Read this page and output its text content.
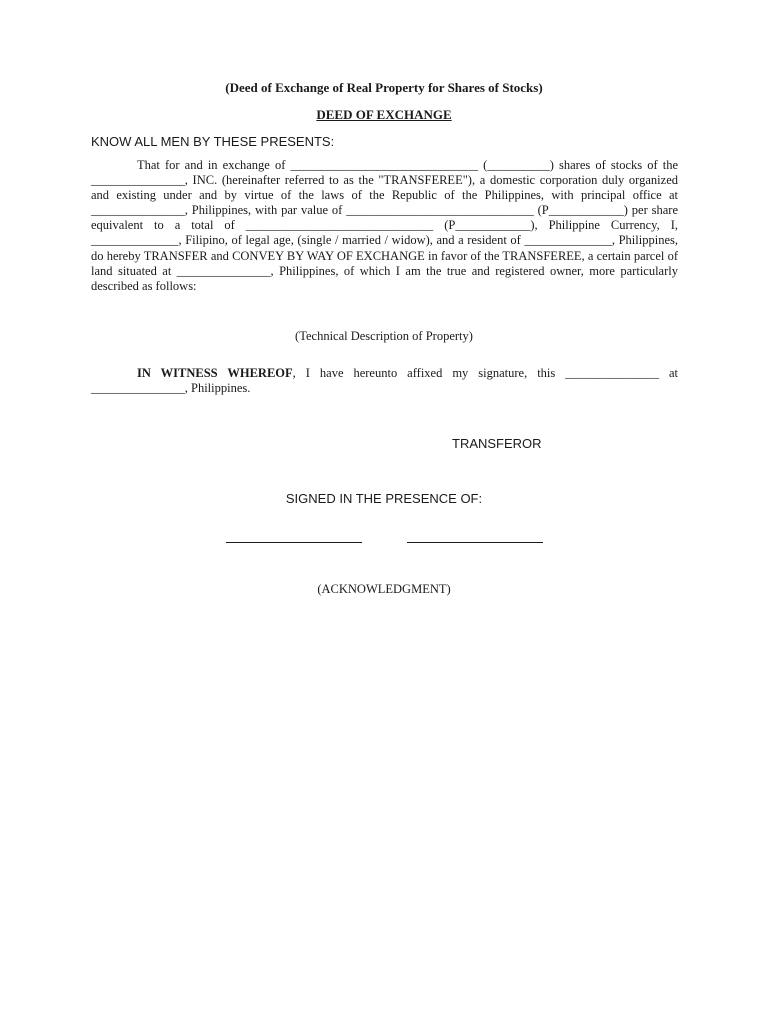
(Deed of Exchange of Real Property for Shares of Stocks)

DEED OF EXCHANGE

KNOW ALL MEN BY THESE PRESENTS:

That for and in exchange of ______________________________ (__________) shares of stocks of the _______________, INC. (hereinafter referred to as the "TRANSFEREE"), a domestic corporation duly organized and existing under and by virtue of the laws of the Republic of the Philippines, with principal office at _______________, Philippines, with par value of ______________________________ (P____________) per share equivalent to a total of ______________________________ (P____________), Philippine Currency, I, ______________, Filipino, of legal age, (single / married / widow), and a resident of ______________, Philippines, do hereby TRANSFER and CONVEY BY WAY OF EXCHANGE in favor of the TRANSFEREE, a certain parcel of land situated at _______________, Philippines, of which I am the true and registered owner, more particularly described as follows:

(Technical Description of Property)

IN WITNESS WHEREOF, I have hereunto affixed my signature, this _______________ at _______________, Philippines.

TRANSFEROR

SIGNED IN THE PRESENCE OF:

(ACKNOWLEDGMENT)
